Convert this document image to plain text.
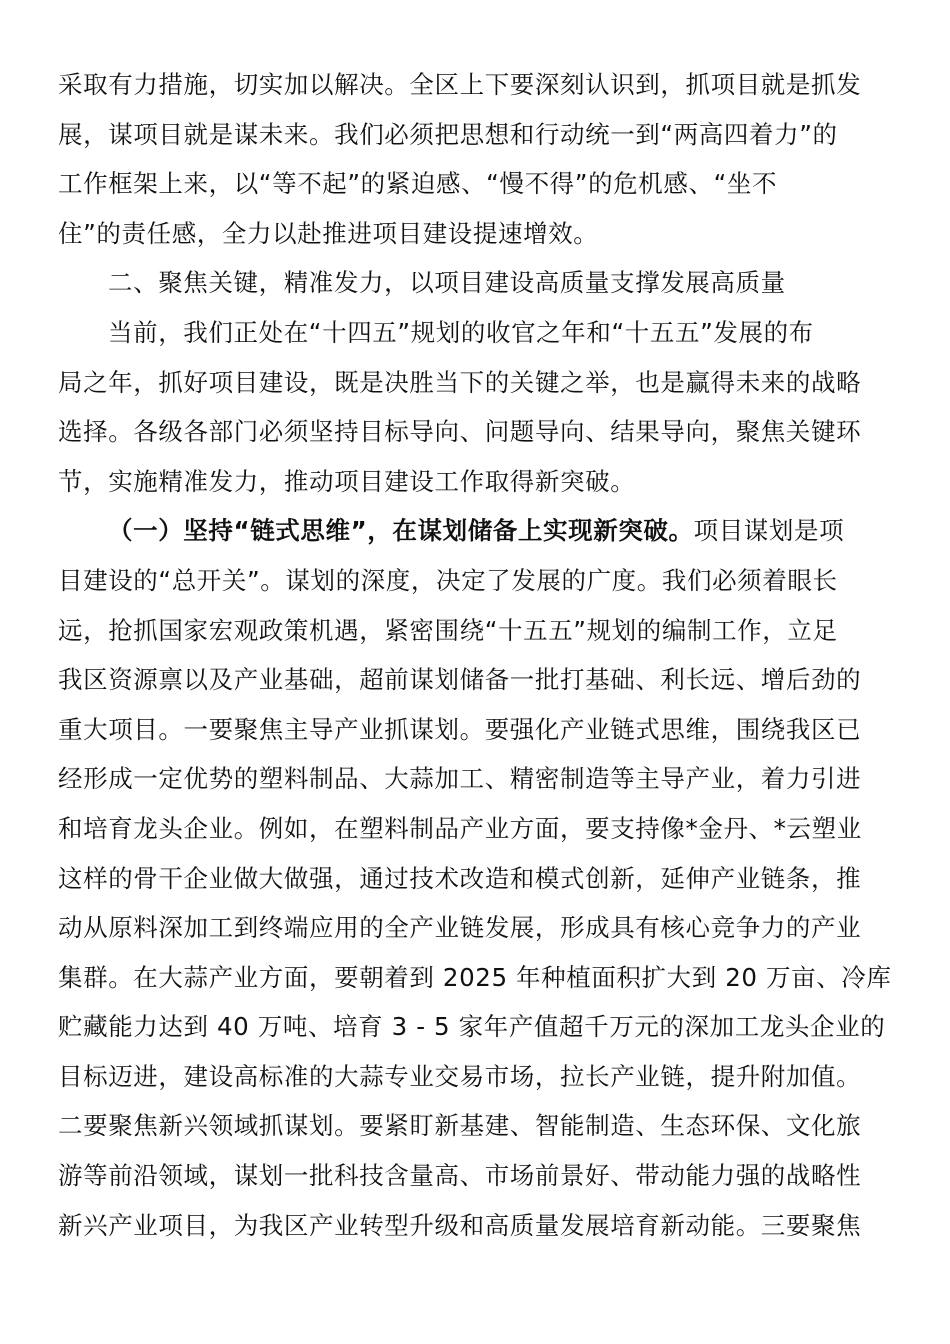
采取有力措施，切实加以解决。全区上下要深刻认识到，抓项目就是抓发
展，谋项目就是谋未来。我们必须把思想和行动统一到“两高四着力”的
工作框架上来，以“等不起”的紧迫感、“慢不得”的危机感、“坐不
住”的责任感，全力以赴推进项目建设提速增效。
二、聚焦关键，精准发力，以项目建设高质量支撑发展高质量
当前，我们正处在“十四五”规划的收官之年和“十五五”发展的布
局之年，抓好项目建设，既是决胜当下的关键之举，也是赢得未来的战略
选择。各级各部门必须坚持目标导向、问题导向、结果导向，聚焦关键环
节，实施精准发力，推动项目建设工作取得新突破。
（一）坚持“链式思维”，在谋划储备上实现新突破。项目谋划是项
目建设的“总开关”。谋划的深度，决定了发展的广度。我们必须着眼长
远，抢抓国家宏观政策机遇，紧密围绕“十五五”规划的编制工作，立足
我区资源禀以及产业基础，超前谋划储备一批打基础、利长远、增后劲的
重大项目。一要聚焦主导产业抓谋划。要强化产业链式思维，围绕我区已
经形成一定优势的塑料制品、大蒜加工、精密制造等主导产业，着力引进
和培育龙头企业。例如，在塑料制品产业方面，要支持像*金丹、*云塑业
这样的骨干企业做大做强，通过技术改造和模式创新，延伸产业链条，推
动从原料深加工到终端应用的全产业链发展，形成具有核心竞争力的产业
集群。在大蒜产业方面，要朝着到 2025 年种植面积扩大到 20 万亩、冷库
贮藏能力达到 40 万吨、培育 3 - 5 家年产值超千万元的深加工龙头企业的
目标迈进，建设高标准的大蒜专业交易市场，拉长产业链，提升附加值。
二要聚焦新兴领域抓谋划。要紧盯新基建、智能制造、生态环保、文化旅
游等前沿领域，谋划一批科技含量高、市场前景好、带动能力强的战略性
新兴产业项目，为我区产业转型升级和高质量发展培育新动能。三要聚焦
